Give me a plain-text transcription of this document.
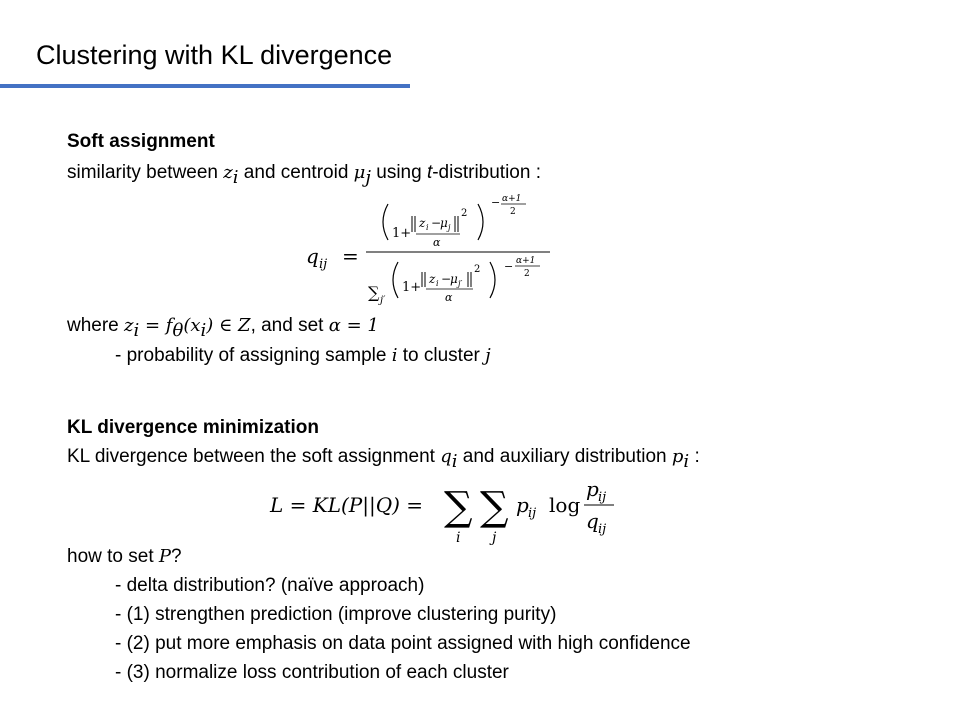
Clustering with KL divergence
Soft assignment
similarity between $z_i$ and centroid $\mu_j$ using t-distribution :
q ij =
1+
z i −
μ j
2
α
− α+1
2
∑ j′
1+
z i −
μ j′
2
α
− α+1
2
where $z_i = f_\theta(x_i)$ ∈ Z, and set α = 1
- probability of assigning sample i to cluster j
KL divergence minimization
KL divergence between the soft assignment $q_i$ and auxiliary distribution $p_i$ :
L = KL(P||Q) = ∑
i
∑
j
p ij log
p ij
q ij
how to set P?
- delta distribution? (naïve approach)
- (1) strengthen prediction (improve clustering purity)
- (2) put more emphasis on data point assigned with high confidence
- (3) normalize loss contribution of each cluster
